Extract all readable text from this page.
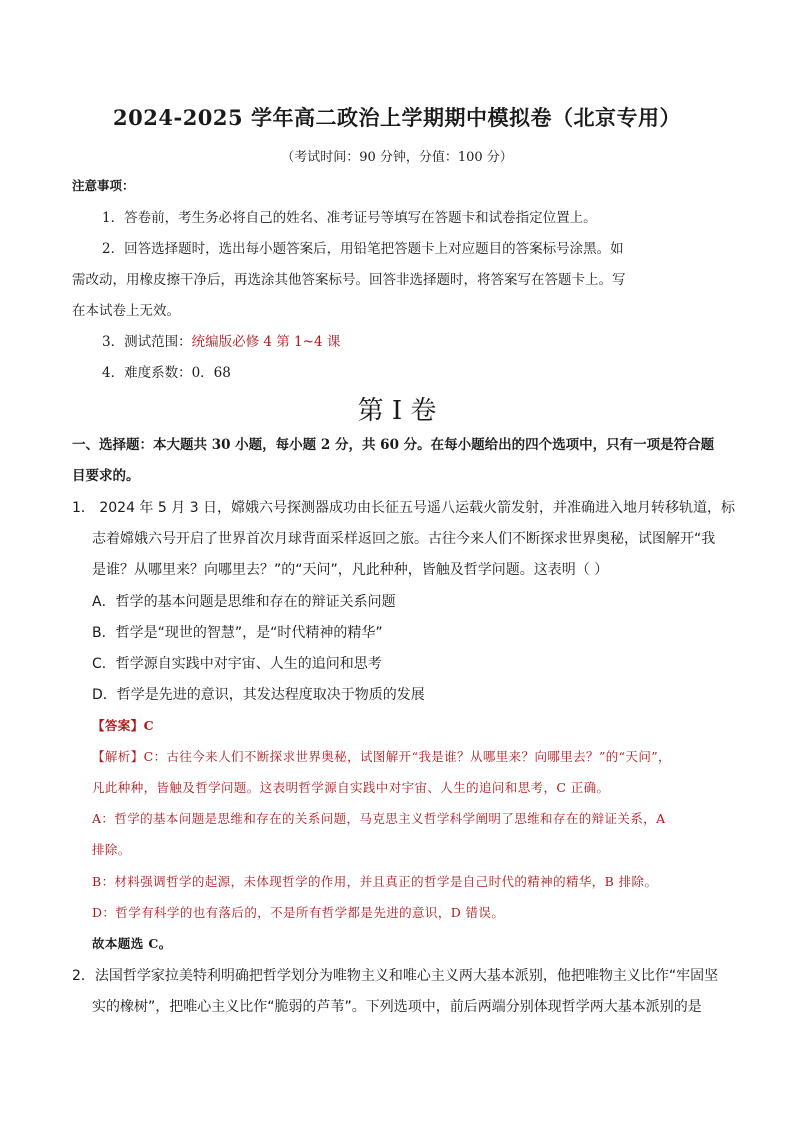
2024-2025 学年高二政治上学期期中模拟卷（北京专用）
（考试时间：90 分钟，分值：100 分）
注意事项：
1．答卷前，考生务必将自己的姓名、准考证号等填写在答题卡和试卷指定位置上。
2．回答选择题时，选出每小题答案后，用铅笔把答题卡上对应题目的答案标号涂黑。如
需改动，用橡皮擦干净后，再选涂其他答案标号。回答非选择题时，将答案写在答题卡上。写
在本试卷上无效。
3．测试范围：统编版必修 4 第 1~4 课
4．难度系数：0．68
第 I 卷
一、选择题：本大题共 30 小题，每小题 2 分，共 60 分。在每小题给出的四个选项中，只有一项是符合题
目要求的。
1． 2024 年 5 月 3 日，嫦娥六号探测器成功由长征五号遥八运载火箭发射，并准确进入地月转移轨道，标
志着嫦娥六号开启了世界首次月球背面采样返回之旅。古往今来人们不断探求世界奥秘，试图解开“我
是谁？从哪里来？向哪里去？”的“天问”，凡此种种，皆触及哲学问题。这表明（ ）
A．哲学的基本问题是思维和存在的辩证关系问题
B．哲学是“现世的智慧”，是“时代精神的精华”
C．哲学源自实践中对宇宙、人生的追问和思考
D．哲学是先进的意识，其发达程度取决于物质的发展
【答案】C
【解析】C：古往今来人们不断探求世界奥秘，试图解开“我是谁？从哪里来？向哪里去？”的“天问”，
凡此种种，皆触及哲学问题。这表明哲学源自实践中对宇宙、人生的追问和思考，C 正确。
A：哲学的基本问题是思维和存在的关系问题，马克思主义哲学科学阐明了思维和存在的辩证关系，A
排除。
B：材料强调哲学的起源，未体现哲学的作用，并且真正的哲学是自己时代的精神的精华，B 排除。
D：哲学有科学的也有落后的，不是所有哲学都是先进的意识，D 错误。
故本题选 C。
2．法国哲学家拉美特利明确把哲学划分为唯物主义和唯心主义两大基本派别，他把唯物主义比作“牢固坚
实的橡树”，把唯心主义比作“脆弱的芦苇”。下列选项中，前后两端分别体现哲学两大基本派别的是
